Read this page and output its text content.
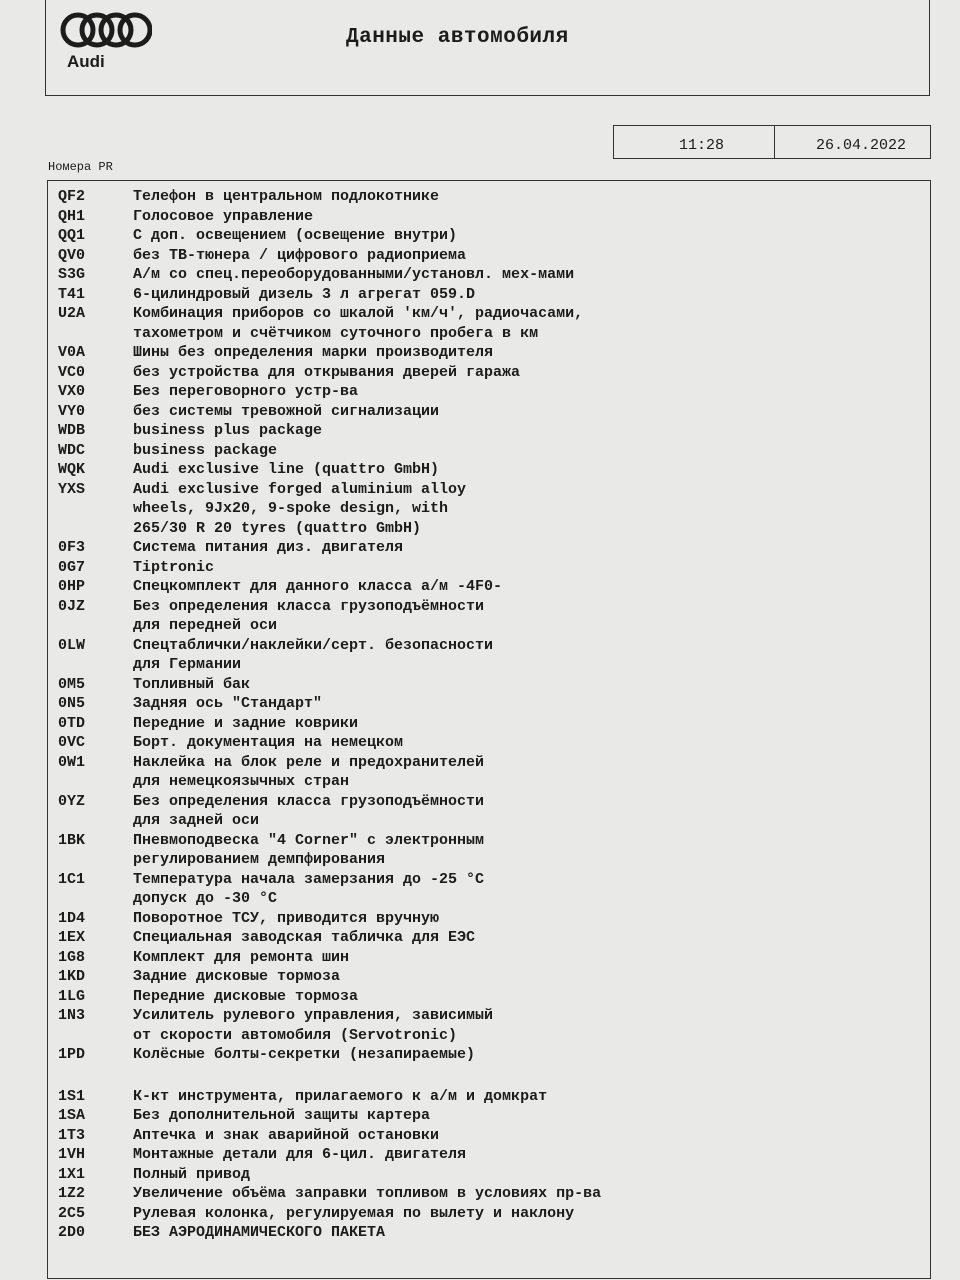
Audi
Данные автомобиля
11:28	26.04.2022
Номера PR
QF2	Телефон в центральном подлокотнике
QH1	Голосовое управление
QQ1	С доп. освещением (освещение внутри)
QV0	без ТВ-тюнера / цифрового радиоприема
S3G	А/м со спец.переоборудованными/установл. мех-мами
T41	6-цилиндровый дизель 3 л агрегат 059.D
U2A	Комбинация приборов со шкалой 'км/ч', радиочасами,
тахометром и счётчиком суточного пробега в км
V0A	Шины без определения марки производителя
VC0	без устройства для открывания дверей гаража
VX0	Без переговорного устр-ва
VY0	без системы тревожной сигнализации
WDB	business plus package
WDC	business package
WQK	Audi exclusive line (quattro GmbH)
YXS	Audi exclusive forged aluminium alloy
wheels, 9Jx20, 9-spoke design, with
265/30 R 20 tyres (quattro GmbH)
0F3	Система питания диз. двигателя
0G7	Tiptronic
0HP	Спецкомплект для данного класса а/м -4F0-
0JZ	Без определения класса грузоподъёмности
для передней оси
0LW	Спецтаблички/наклейки/серт. безопасности
для Германии
0M5	Топливный бак
0N5	Задняя ось "Стандарт"
0TD	Передние и задние коврики
0VC	Борт. документация на немецком
0W1	Наклейка на блок реле и предохранителей
для немецкоязычных стран
0YZ	Без определения класса грузоподъёмности
для задней оси
1BK	Пневмоподвеска "4 Corner" с электронным
регулированием демпфирования
1C1	Температура начала замерзания до -25 °C
допуск до -30 °C
1D4	Поворотное ТСУ, приводится вручную
1EX	Специальная заводская табличка для ЕЭС
1G8	Комплект для ремонта шин
1KD	Задние дисковые тормоза
1LG	Передние дисковые тормоза
1N3	Усилитель рулевого управления, зависимый
от скорости автомобиля (Servotronic)
1PD	Колёсные болты-секретки (незапираемые)
1S1	К-кт инструмента, прилагаемого к а/м и домкрат
1SA	Без дополнительной защиты картера
1T3	Аптечка и знак аварийной остановки
1VH	Монтажные детали для 6-цил. двигателя
1X1	Полный привод
1Z2	Увеличение объёма заправки топливом в условиях пр-ва
2C5	Рулевая колонка, регулируемая по вылету и наклону
2D0	БЕЗ АЭРОДИНАМИЧЕСКОГО ПАКЕТА
